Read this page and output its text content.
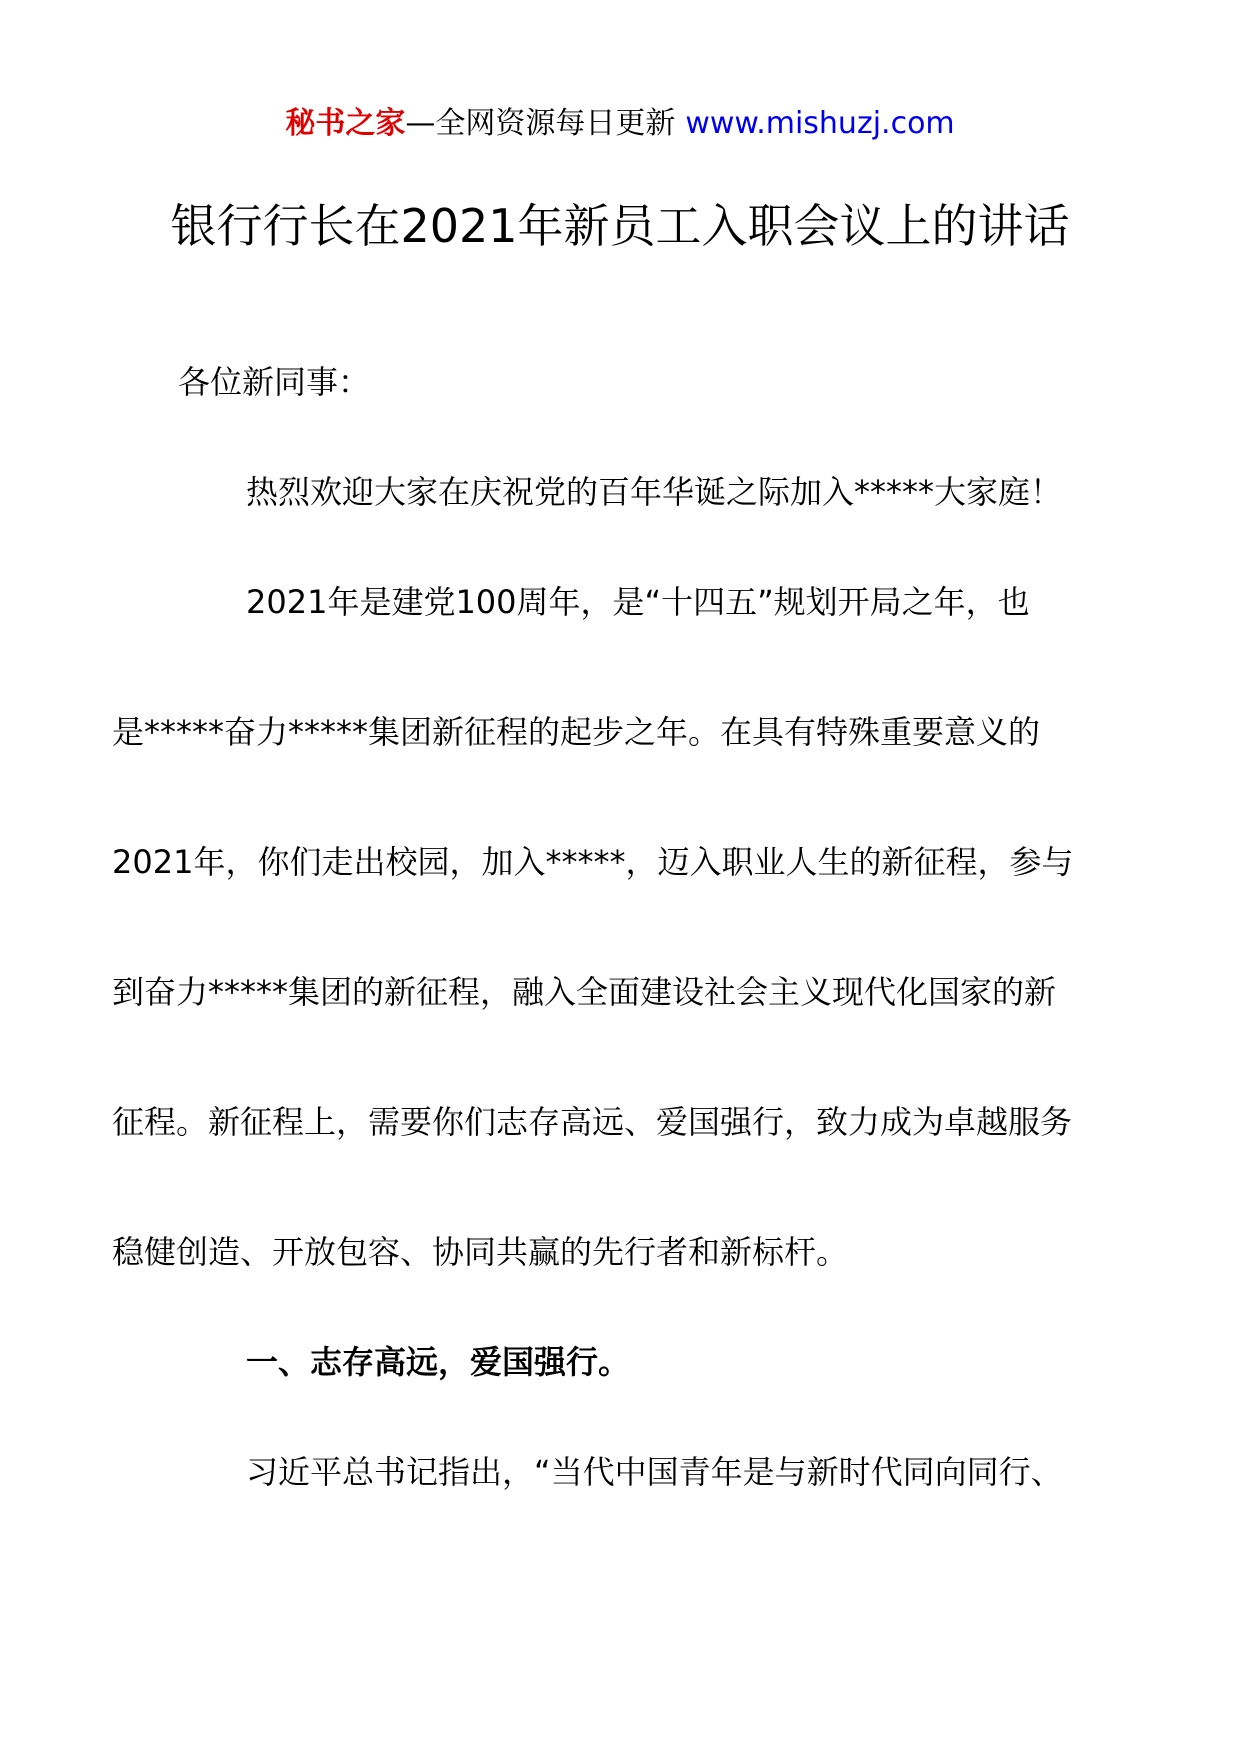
秘书之家—全网资源每日更新 www.mishuzj.com
银行行长在2021年新员工入职会议上的讲话
各位新同事：
热烈欢迎大家在庆祝党的百年华诞之际加入*****大家庭！
2021年是建党100周年，是“十四五”规划开局之年，也
是*****奋力*****集团新征程的起步之年。在具有特殊重要意义的
2021年，你们走出校园，加入*****，迈入职业人生的新征程，参与
到奋力*****集团的新征程，融入全面建设社会主义现代化国家的新
征程。新征程上，需要你们志存高远、爱国强行，致力成为卓越服务
稳健创造、开放包容、协同共赢的先行者和新标杆。
一、志存高远，爱国强行。
习近平总书记指出，“当代中国青年是与新时代同向同行、
